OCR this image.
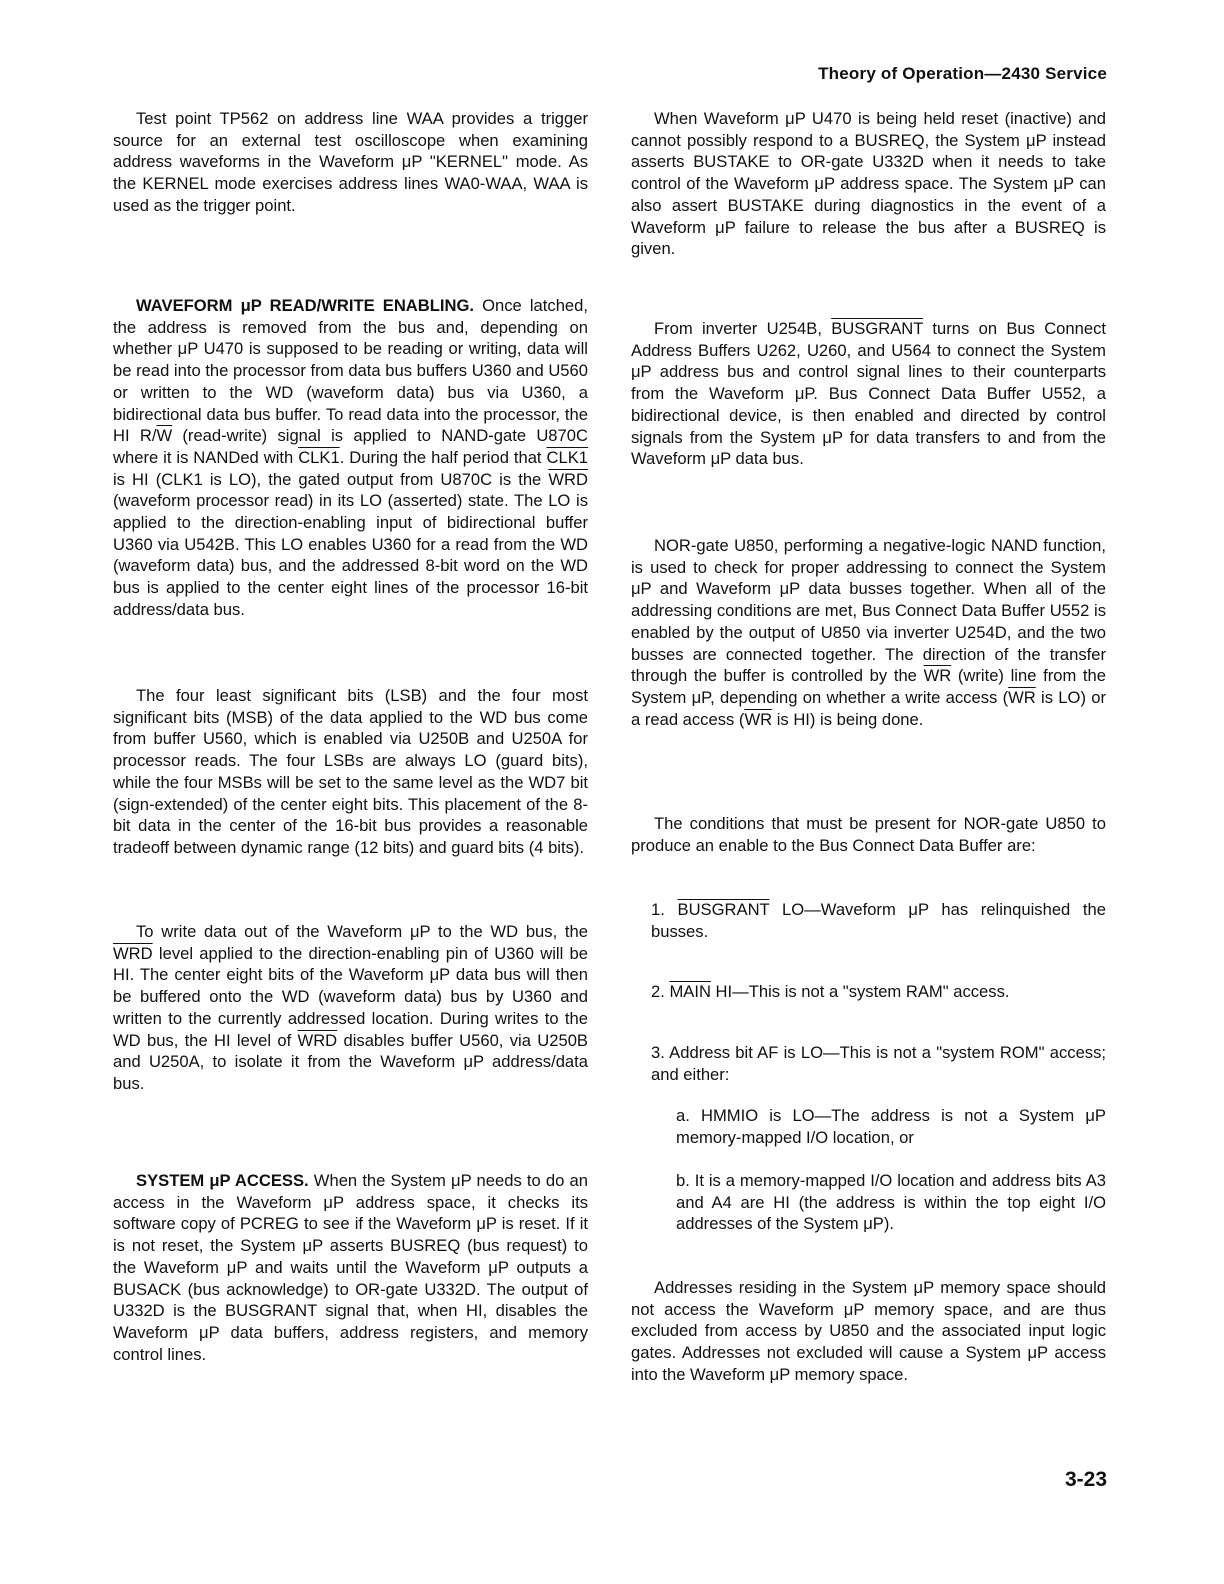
Theory of Operation—2430 Service

Test point TP562 on address line WAA provides a trigger source for an external test oscilloscope when examining address waveforms in the Waveform μP "KERNEL" mode. As the KERNEL mode exercises address lines WA0-WAA, WAA is used as the trigger point.

WAVEFORM μP READ/WRITE ENABLING. Once latched, the address is removed from the bus and, depending on whether μP U470 is supposed to be reading or writing, data will be read into the processor from data bus buffers U360 and U560 or written to the WD (waveform data) bus via U360, a bidirectional data bus buffer. To read data into the processor, the HI $R/\overline{W}$ (read-write) signal is applied to NAND-gate U870C where it is NANDed with CLK1. During the half period that CLK1 is HI (CLK1 is LO), the gated output from U870C is the $\overline{WRD}$ (waveform processor read) in its LO (asserted) state. The LO is applied to the direction-enabling input of bidirectional buffer U360 via U542B. This LO enables U360 for a read from the WD (waveform data) bus, and the addressed 8-bit word on the WD bus is applied to the center eight lines of the processor 16-bit address/data bus.

The four least significant bits (LSB) and the four most significant bits (MSB) of the data applied to the WD bus come from buffer U560, which is enabled via U250B and U250A for processor reads. The four LSBs are always LO (guard bits), while the four MSBs will be set to the same level as the WD7 bit (sign-extended) of the center eight bits. This placement of the 8-bit data in the center of the 16-bit bus provides a reasonable tradeoff between dynamic range (12 bits) and guard bits (4 bits).

To write data out of the Waveform μP to the WD bus, the $\overline{WRD}$ level applied to the direction-enabling pin of U360 will be HI. The center eight bits of the Waveform μP data bus will then be buffered onto the WD (waveform data) bus by U360 and written to the currently addressed location. During writes to the WD bus, the HI level of $\overline{WRD}$ disables buffer U560, via U250B and U250A, to isolate it from the Waveform μP address/data bus.

SYSTEM μP ACCESS. When the System μP needs to do an access in the Waveform μP address space, it checks its software copy of PCREG to see if the Waveform μP is reset. If it is not reset, the System μP asserts BUSREQ (bus request) to the Waveform μP and waits until the Waveform μP outputs a BUSACK (bus acknowledge) to OR-gate U332D. The output of U332D is the BUSGRANT signal that, when HI, disables the Waveform μP data buffers, address registers, and memory control lines.

When Waveform μP U470 is being held reset (inactive) and cannot possibly respond to a BUSREQ, the System μP instead asserts BUSTAKE to OR-gate U332D when it needs to take control of the Waveform μP address space. The System μP can also assert BUSTAKE during diagnostics in the event of a Waveform μP failure to release the bus after a BUSREQ is given.

From inverter U254B, BUSGRANT turns on Bus Connect Address Buffers U262, U260, and U564 to connect the System μP address bus and control signal lines to their counterparts from the Waveform μP. Bus Connect Data Buffer U552, a bidirectional device, is then enabled and directed by control signals from the System μP for data transfers to and from the Waveform μP data bus.

NOR-gate U850, performing a negative-logic NAND function, is used to check for proper addressing to connect the System μP and Waveform μP data busses together. When all of the addressing conditions are met, Bus Connect Data Buffer U552 is enabled by the output of U850 via inverter U254D, and the two busses are connected together. The direction of the transfer through the buffer is controlled by the $\overline{WR}$ (write) line from the System μP, depending on whether a write access ($\overline{WR}$ is LO) or a read access ($\overline{WR}$ is HI) is being done.

The conditions that must be present for NOR-gate U850 to produce an enable to the Bus Connect Data Buffer are:

1. BUSGRANT LO—Waveform μP has relinquished the busses.

2. MAIN HI—This is not a "system RAM" access.

3. Address bit AF is LO—This is not a "system ROM" access; and either:

a. HMMIO is LO—The address is not a System μP memory-mapped I/O location, or

b. It is a memory-mapped I/O location and address bits A3 and A4 are HI (the address is within the top eight I/O addresses of the System μP).

Addresses residing in the System μP memory space should not access the Waveform μP memory space, and are thus excluded from access by U850 and the associated input logic gates. Addresses not excluded will cause a System μP access into the Waveform μP memory space.

3-23
